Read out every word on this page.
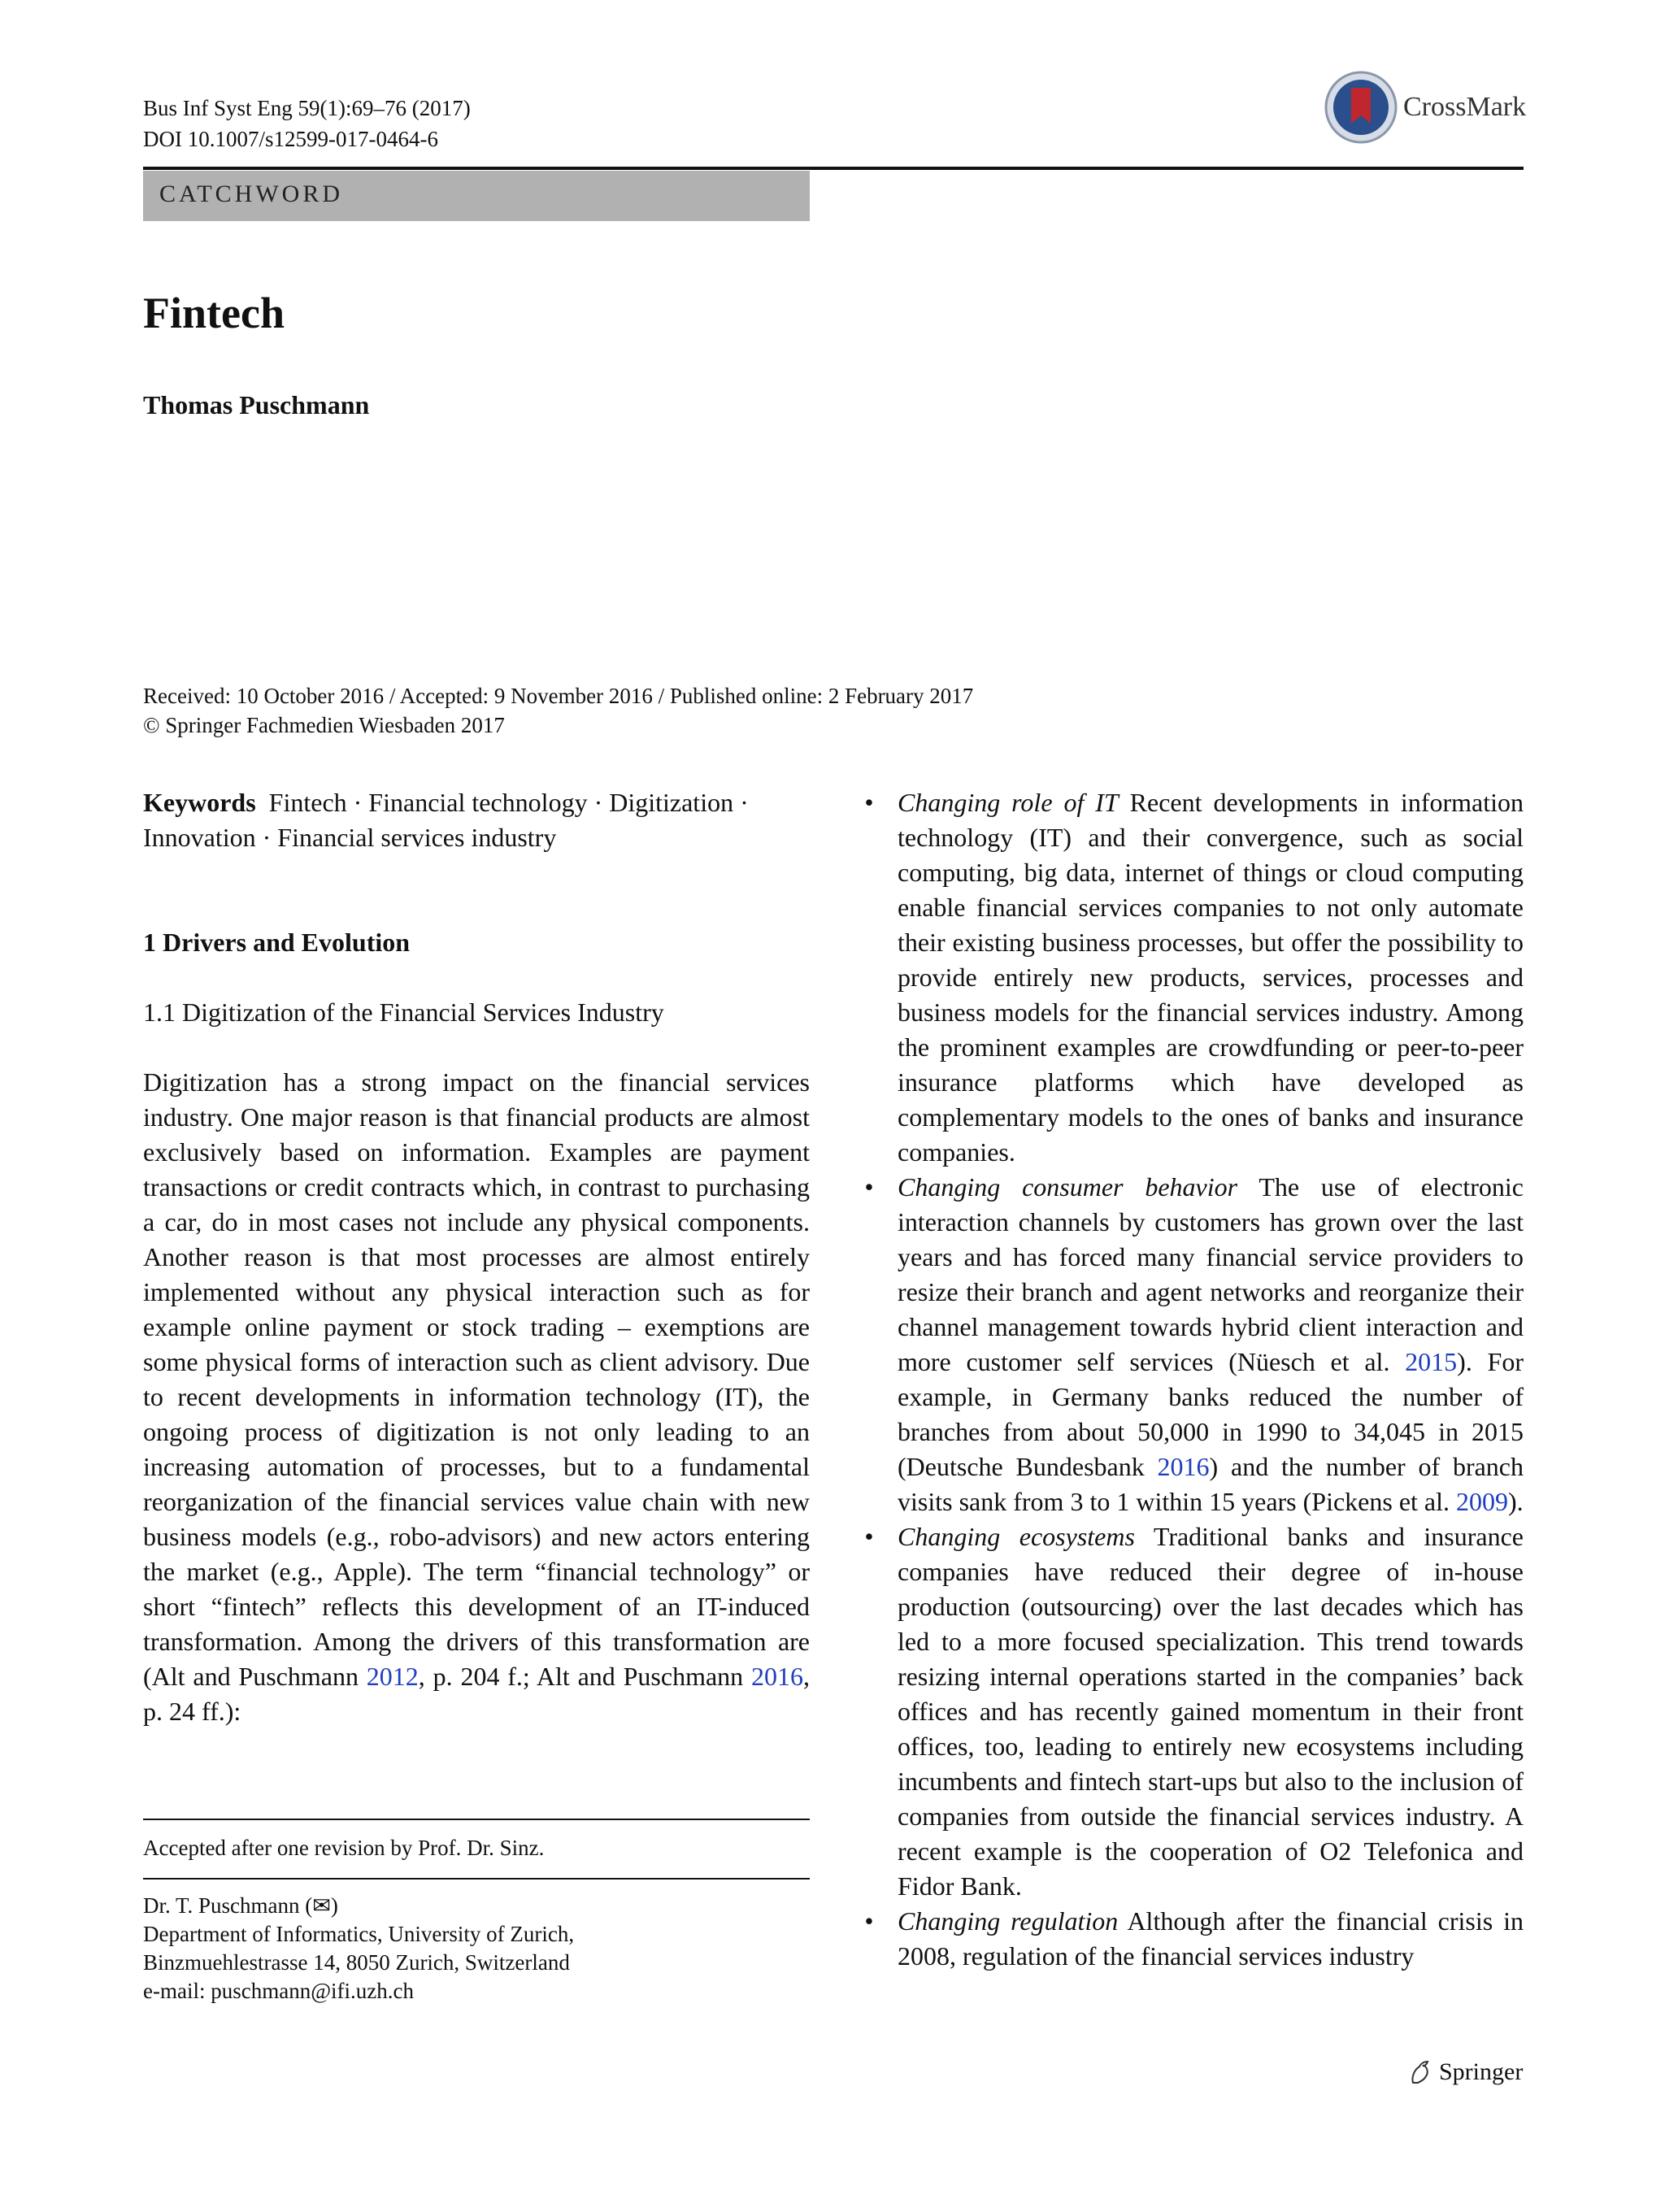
Bus Inf Syst Eng 59(1):69–76 (2017)
DOI 10.1007/s12599-017-0464-6
CrossMark
CATCHWORD
Fintech
Thomas Puschmann
Received: 10 October 2016 / Accepted: 9 November 2016 / Published online: 2 February 2017
© Springer Fachmedien Wiesbaden 2017
Keywords Fintech · Financial technology · Digitization · Innovation · Financial services industry
1 Drivers and Evolution
1.1 Digitization of the Financial Services Industry
Digitization has a strong impact on the financial services industry. One major reason is that financial products are almost exclusively based on information. Examples are payment transactions or credit contracts which, in contrast to purchasing a car, do in most cases not include any physical components. Another reason is that most processes are almost entirely implemented without any physical interaction such as for example online payment or stock trading – exemptions are some physical forms of interaction such as client advisory. Due to recent developments in information technology (IT), the ongoing process of digitization is not only leading to an increasing automation of processes, but to a fundamental reorganization of the financial services value chain with new business models (e.g., robo-advisors) and new actors entering the market (e.g., Apple). The term “financial technology” or short “fintech” reflects this development of an IT-induced transformation. Among the drivers of this transformation are (Alt and Puschmann 2012, p. 204 f.; Alt and Puschmann 2016, p. 24 ff.):
Accepted after one revision by Prof. Dr. Sinz.
Dr. T. Puschmann (✉)
Department of Informatics, University of Zurich,
Binzmuehlestrasse 14, 8050 Zurich, Switzerland
e-mail: puschmann@ifi.uzh.ch
• Changing role of IT Recent developments in information technology (IT) and their convergence, such as social computing, big data, internet of things or cloud computing enable financial services companies to not only automate their existing business processes, but offer the possibility to provide entirely new products, services, processes and business models for the financial services industry. Among the prominent examples are crowdfunding or peer-to-peer insurance platforms which have developed as complementary models to the ones of banks and insurance companies.
• Changing consumer behavior The use of electronic interaction channels by customers has grown over the last years and has forced many financial service providers to resize their branch and agent networks and reorganize their channel management towards hybrid client interaction and more customer self services (Nüesch et al. 2015). For example, in Germany banks reduced the number of branches from about 50,000 in 1990 to 34,045 in 2015 (Deutsche Bundesbank 2016) and the number of branch visits sank from 3 to 1 within 15 years (Pickens et al. 2009).
• Changing ecosystems Traditional banks and insurance companies have reduced their degree of in-house production (outsourcing) over the last decades which has led to a more focused specialization. This trend towards resizing internal operations started in the companies’ back offices and has recently gained momentum in their front offices, too, leading to entirely new ecosystems including incumbents and fintech start-ups but also to the inclusion of companies from outside the financial services industry. A recent example is the cooperation of O2 Telefonica and Fidor Bank.
• Changing regulation Although after the financial crisis in 2008, regulation of the financial services industry
Springer
